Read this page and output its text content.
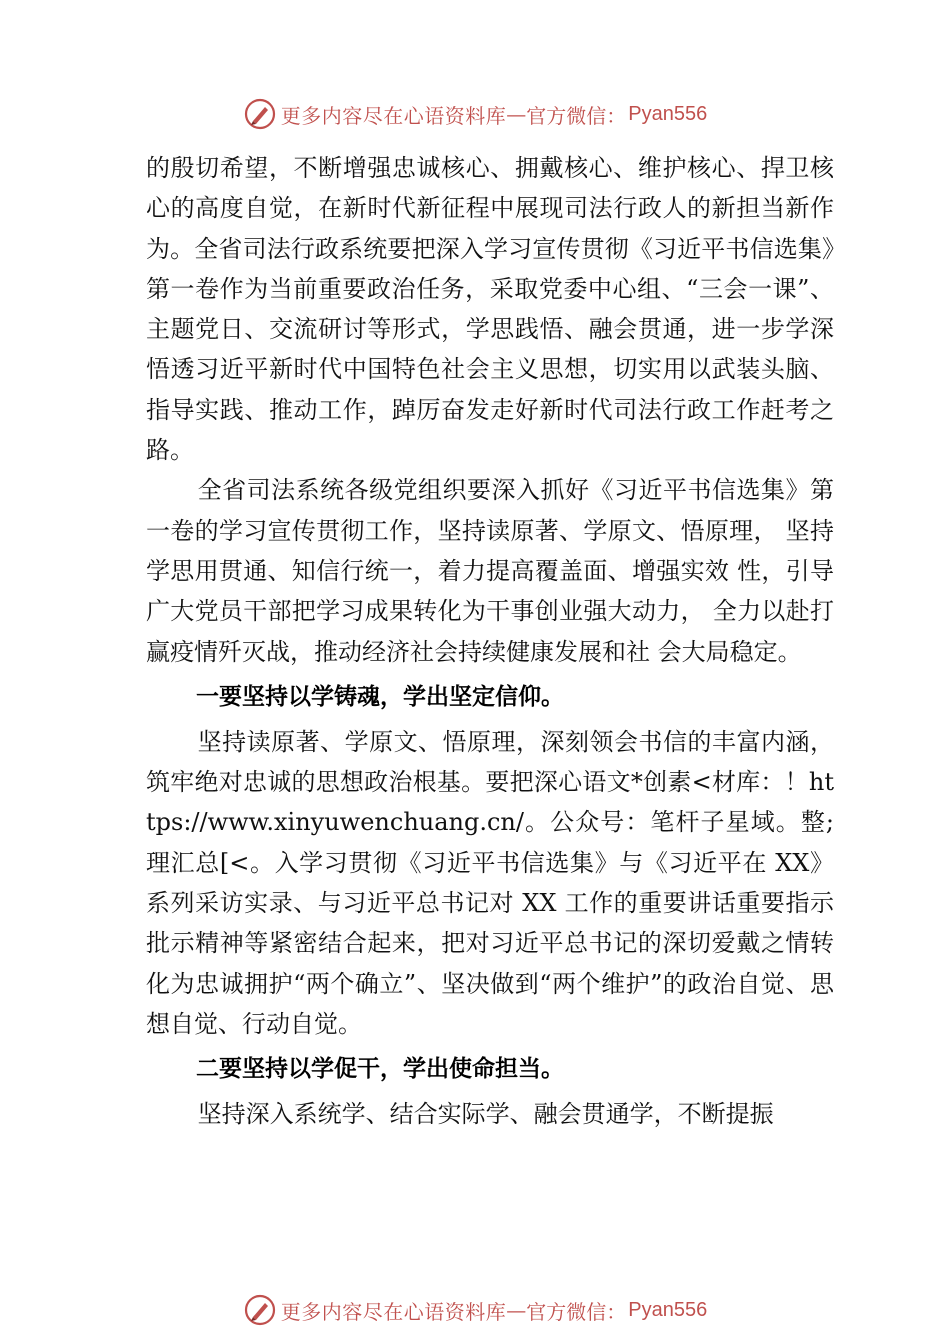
更多内容尽在心语资料库 — 官方微信 ： Pyan556

的殷切希望，不断增强忠诚核心、拥戴核心、维护核心、捍卫核心的高度自觉，在新时代新征程中展现司法行政人的新担当新作为。全省司法行政系统要把深入学习宣传贯彻《习近平书信选集》第一卷作为当前重要政治任务，采取党委中心组、“三会一课”、主题党日、交流研讨等形式，学思践悟、融会贯通，进一步学深悟透习近平新时代中国特色社会主义思想，切实用以武装头脑、指导实践、推动工作，踔厉奋发走好新时代司法行政工作赶考之路。

全省司法系统各级党组织要深入抓好《习近平书信选集》第一卷的学习宣传贯彻工作，坚持读原著、学原文、悟原理， 坚持学思用贯通、知信行统一，着力提高覆盖面、增强实效 性，引导广大党员干部把学习成果转化为干事创业强大动力， 全力以赴打赢疫情歼灭战，推动经济社会持续健康发展和社 会大局稳定。

一要坚持以学铸魂，学出坚定信仰。

坚持读原著、学原文、悟原理，深刻领会书信的丰富内涵，筑牢绝对忠诚的思想政治根基。要把深心语文*创素<材库：！https://www.xinyuwenchuang.cn/。公众号：笔杆子星域。整;理汇总[<。入学习贯彻《习近平书信选集》与《习近平在 XX》系列采访实录、与习近平总书记对 XX 工作的重要讲话重要指示批示精神等紧密结合起来，把对习近平总书记的深切爱戴之情转化为忠诚拥护“两个确立”、坚决做到“两个维护”的政治自觉、思想自觉、行动自觉。

二要坚持以学促干，学出使命担当。

坚持深入系统学、结合实际学、融会贯通学，不断提振

更多内容尽在心语资料库 — 官方微信 ： Pyan556
